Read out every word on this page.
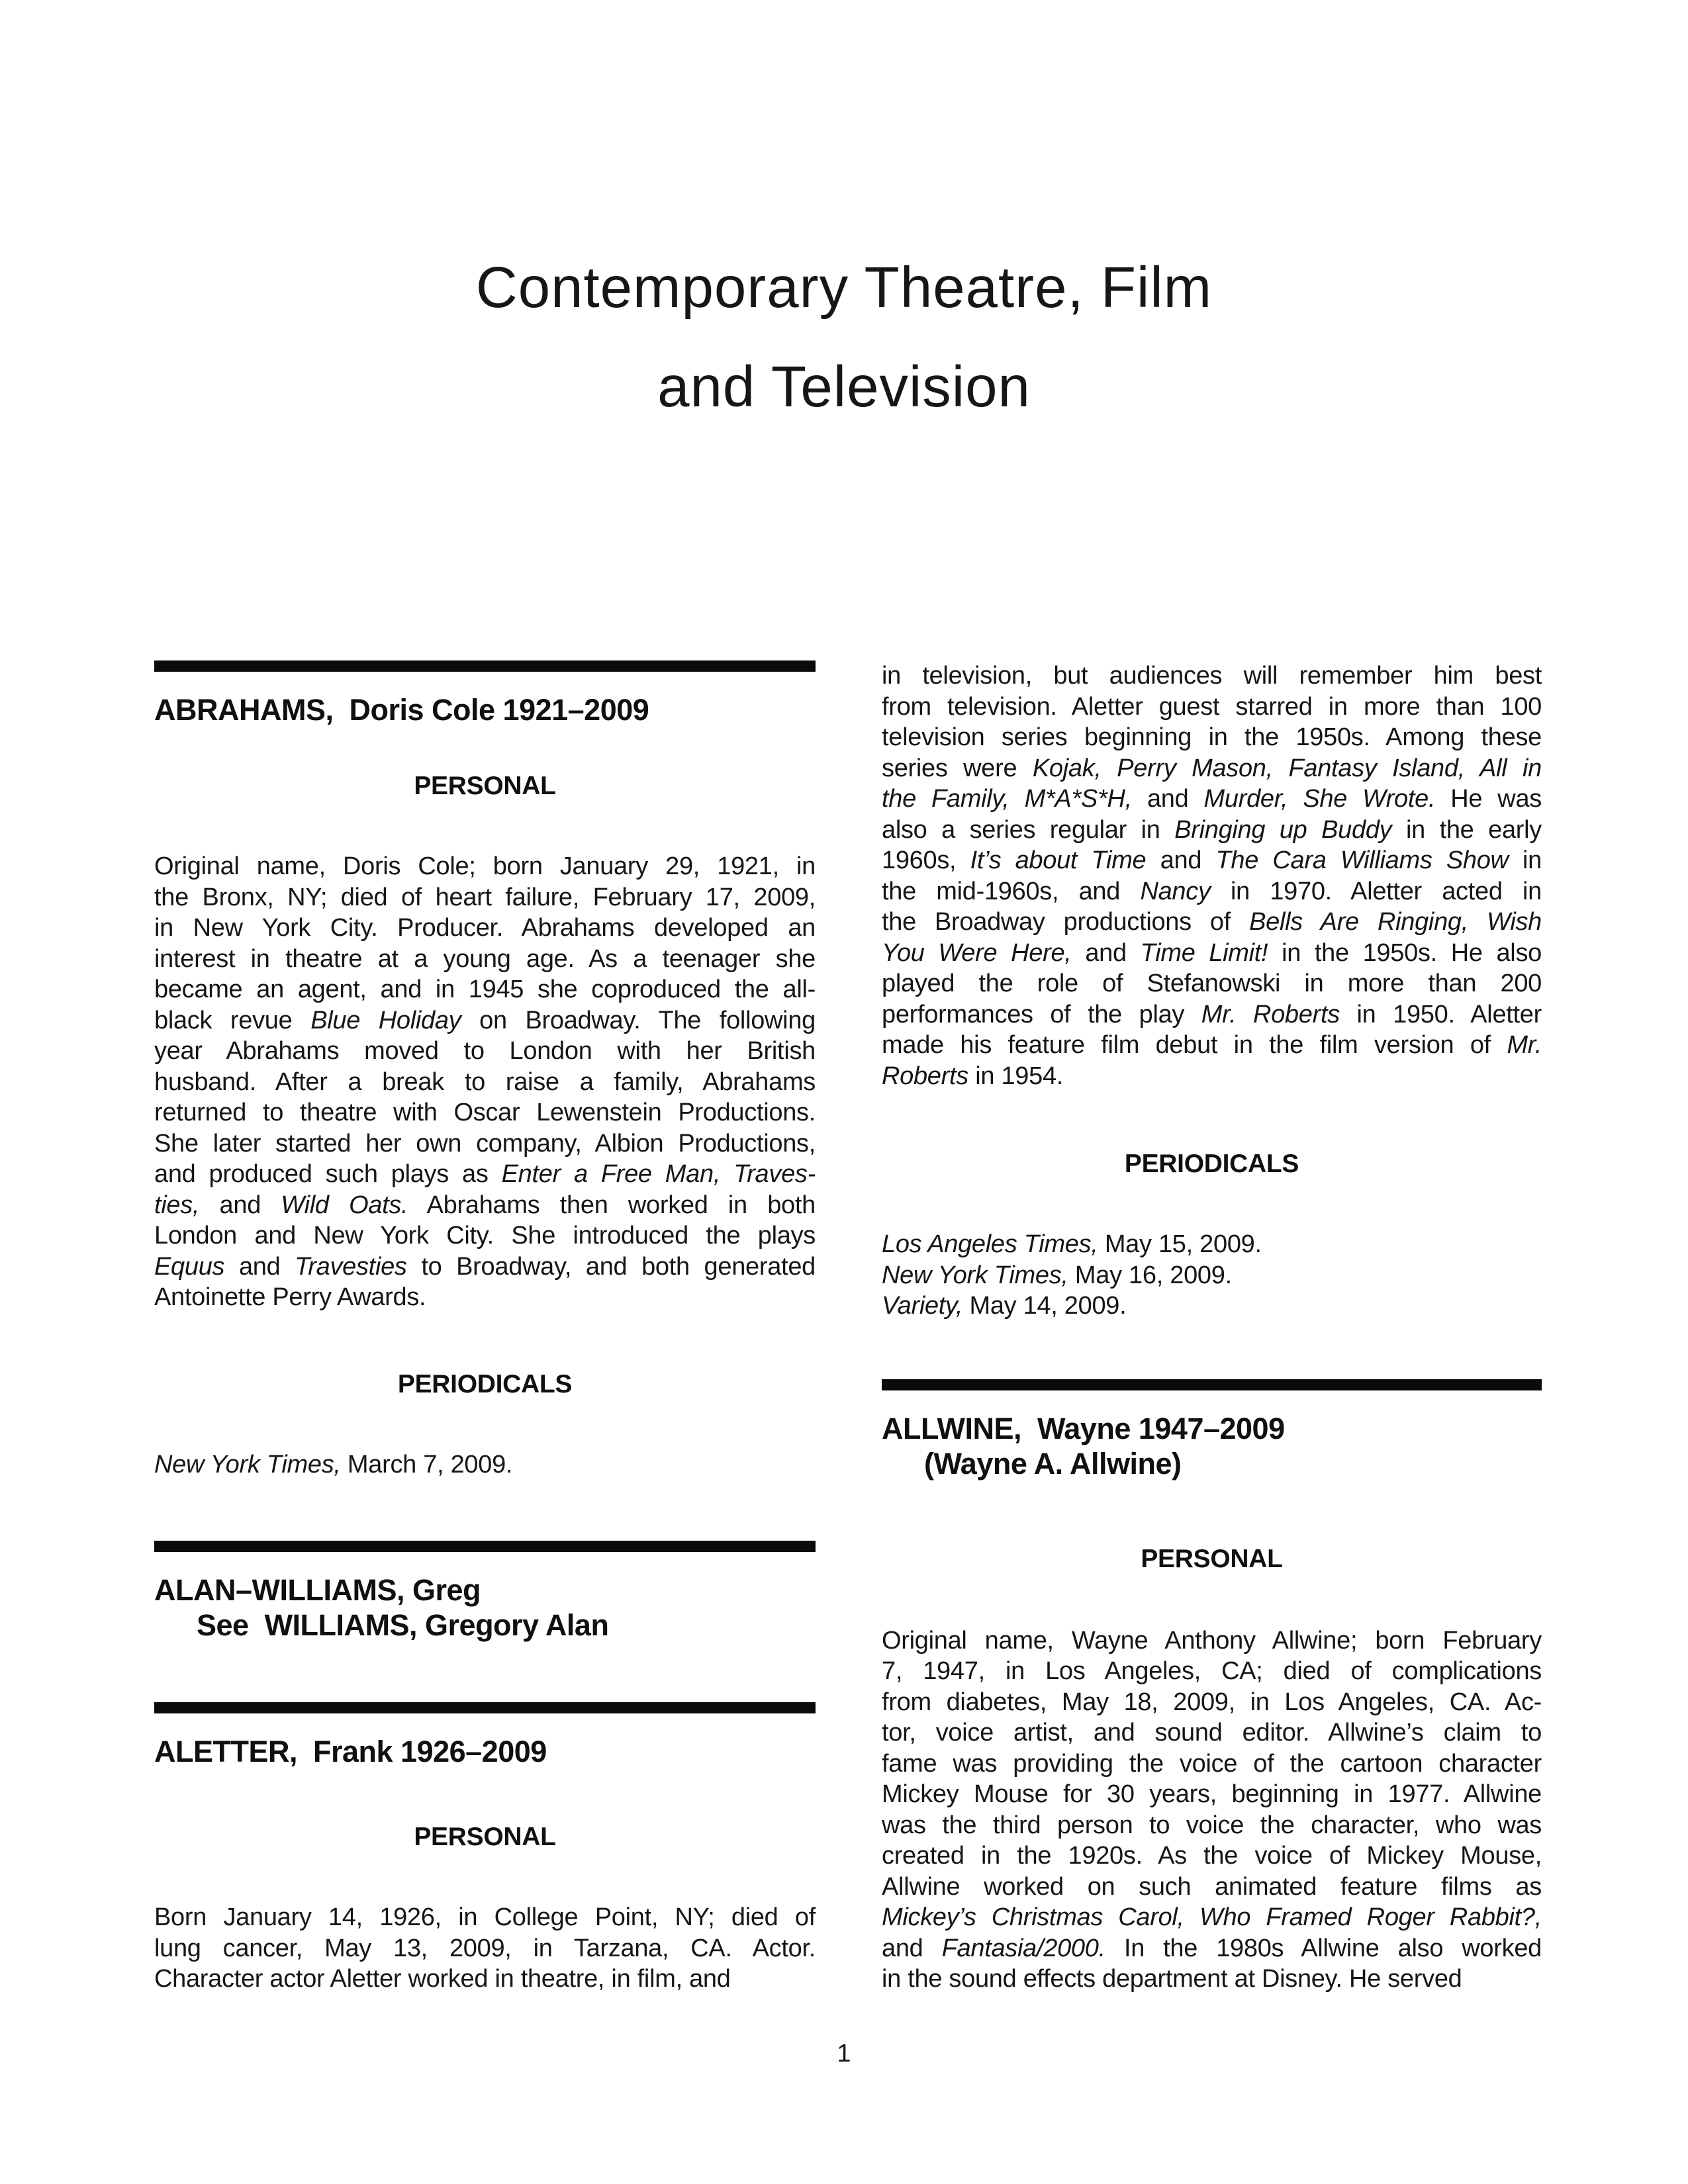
Contemporary Theatre, Film
and Television
ABRAHAMS,  Doris Cole 1921–2009
PERSONAL
Original name, Doris Cole; born January 29, 1921, in
the Bronx, NY; died of heart failure, February 17, 2009,
in New York City. Producer. Abrahams developed an
interest in theatre at a young age. As a teenager she
became an agent, and in 1945 she coproduced the all-
black revue Blue Holiday on Broadway. The following
year Abrahams moved to London with her British
husband. After a break to raise a family, Abrahams
returned to theatre with Oscar Lewenstein Productions.
She later started her own company, Albion Productions,
and produced such plays as Enter a Free Man, Traves-
ties, and Wild Oats. Abrahams then worked in both
London and New York City. She introduced the plays
Equus and Travesties to Broadway, and both generated
Antoinette Perry Awards.
PERIODICALS
New York Times, March 7, 2009.
ALAN–WILLIAMS, Greg
See  WILLIAMS, Gregory Alan
ALETTER,  Frank 1926–2009
PERSONAL
Born January 14, 1926, in College Point, NY; died of
lung cancer, May 13, 2009, in Tarzana, CA. Actor.
Character actor Aletter worked in theatre, in film, and
in television, but audiences will remember him best
from television. Aletter guest starred in more than 100
television series beginning in the 1950s. Among these
series were Kojak, Perry Mason, Fantasy Island, All in
the Family, M*A*S*H, and Murder, She Wrote. He was
also a series regular in Bringing up Buddy in the early
1960s, It’s about Time and The Cara Williams Show in
the mid-1960s, and Nancy in 1970. Aletter acted in
the Broadway productions of Bells Are Ringing, Wish
You Were Here, and Time Limit! in the 1950s. He also
played the role of Stefanowski in more than 200
performances of the play Mr. Roberts in 1950. Aletter
made his feature film debut in the film version of Mr.
Roberts in 1954.
PERIODICALS
Los Angeles Times, May 15, 2009.
New York Times, May 16, 2009.
Variety, May 14, 2009.
ALLWINE,  Wayne 1947–2009
(Wayne A. Allwine)
PERSONAL
Original name, Wayne Anthony Allwine; born February
7, 1947, in Los Angeles, CA; died of complications
from diabetes, May 18, 2009, in Los Angeles, CA. Ac-
tor, voice artist, and sound editor. Allwine’s claim to
fame was providing the voice of the cartoon character
Mickey Mouse for 30 years, beginning in 1977. Allwine
was the third person to voice the character, who was
created in the 1920s. As the voice of Mickey Mouse,
Allwine worked on such animated feature films as
Mickey’s Christmas Carol, Who Framed Roger Rabbit?,
and Fantasia/2000. In the 1980s Allwine also worked
in the sound effects department at Disney. He served
1
